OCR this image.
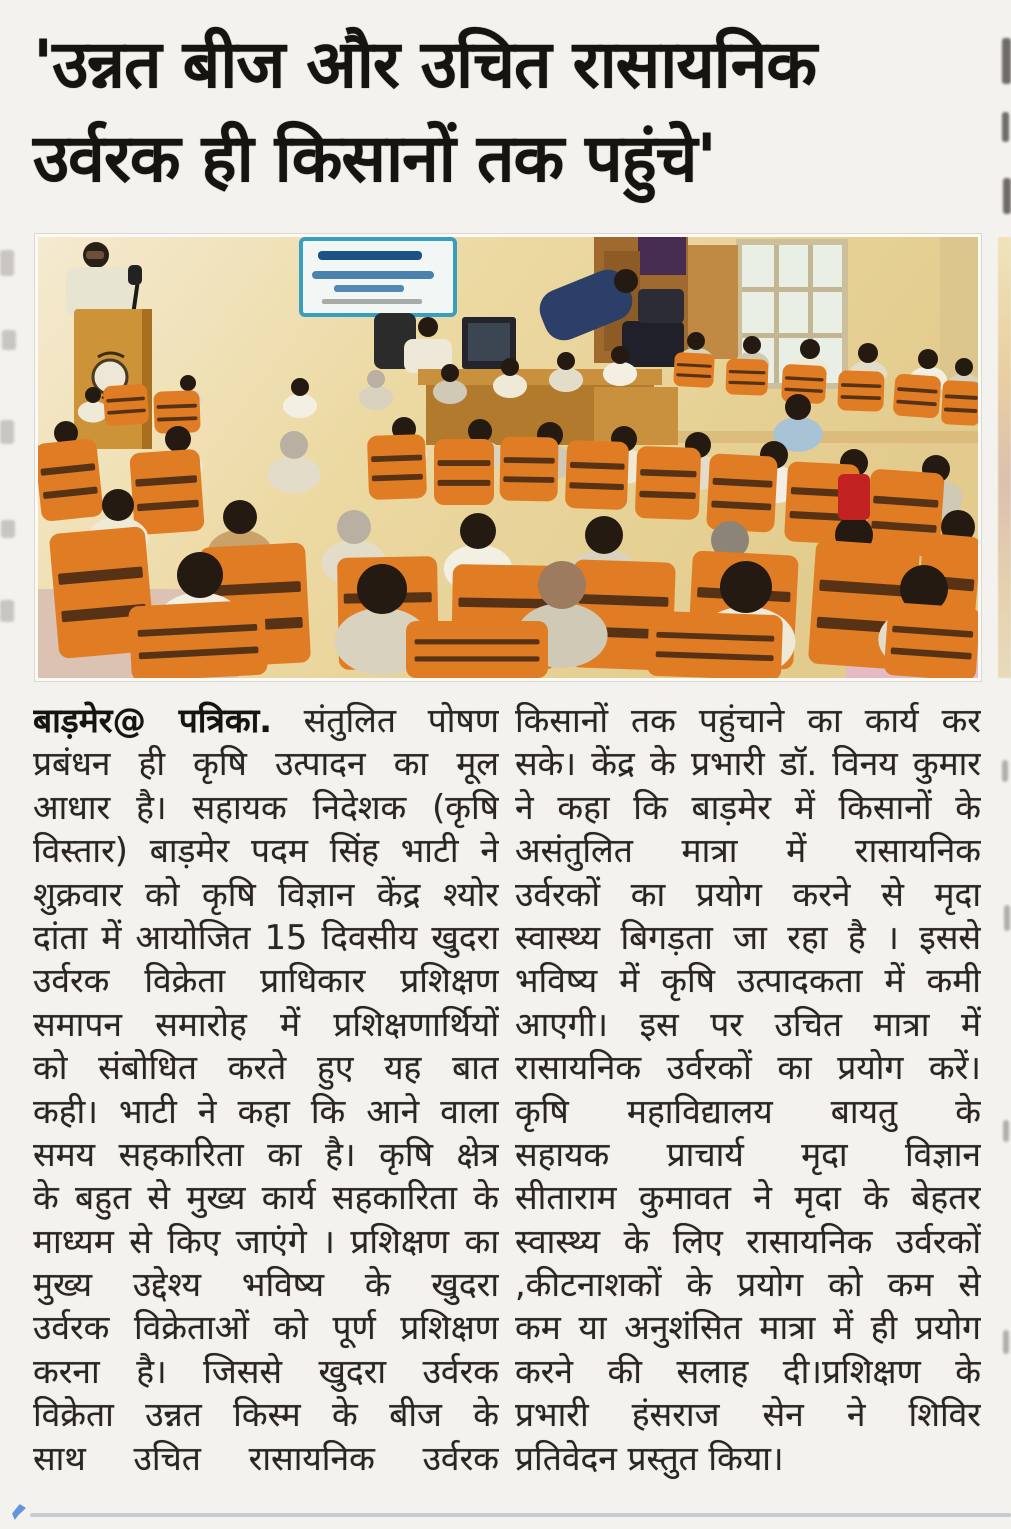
'उन्नत बीज और उचित रासायनिक
उर्वरक ही किसानों तक पहुंचे'
बाड़मेर@ पत्रिका. संतुलित पोषण
प्रबंधन ही कृषि उत्पादन का मूल
आधार है। सहायक निदेशक (कृषि
विस्तार) बाड़मेर पदम सिंह भाटी ने
शुक्रवार को कृषि विज्ञान केंद्र श्योर
दांता में आयोजित 15 दिवसीय खुदरा
उर्वरक विक्रेता प्राधिकार प्रशिक्षण
समापन समारोह में प्रशिक्षणार्थियों
को संबोधित करते हुए यह बात
कही। भाटी ने कहा कि आने वाला
समय सहकारिता का है। कृषि क्षेत्र
के बहुत से मुख्य कार्य सहकारिता के
माध्यम से किए जाएंगे । प्रशिक्षण का
मुख्य उद्देश्य भविष्य के खुदरा
उर्वरक विक्रेताओं को पूर्ण प्रशिक्षण
करना है। जिससे खुदरा उर्वरक
विक्रेता उन्नत किस्म के बीज के
साथ उचित रासायनिक उर्वरक
किसानों तक पहुंचाने का कार्य कर
सके। केंद्र के प्रभारी डॉ. विनय कुमार
ने कहा कि बाड़मेर में किसानों के
असंतुलित मात्रा में रासायनिक
उर्वरकों का प्रयोग करने से मृदा
स्वास्थ्य बिगड़ता जा रहा है । इससे
भविष्य में कृषि उत्पादकता में कमी
आएगी। इस पर उचित मात्रा में
रासायनिक उर्वरकों का प्रयोग करें।
कृषि महाविद्यालय बायतु के
सहायक प्राचार्य मृदा विज्ञान
सीताराम कुमावत ने मृदा के बेहतर
स्वास्थ्य के लिए रासायनिक उर्वरकों
,कीटनाशकों के प्रयोग को कम से
कम या अनुशंसित मात्रा में ही प्रयोग
करने की सलाह दी।प्रशिक्षण के
प्रभारी हंसराज सेन ने शिविर
प्रतिवेदन प्रस्तुत किया।
